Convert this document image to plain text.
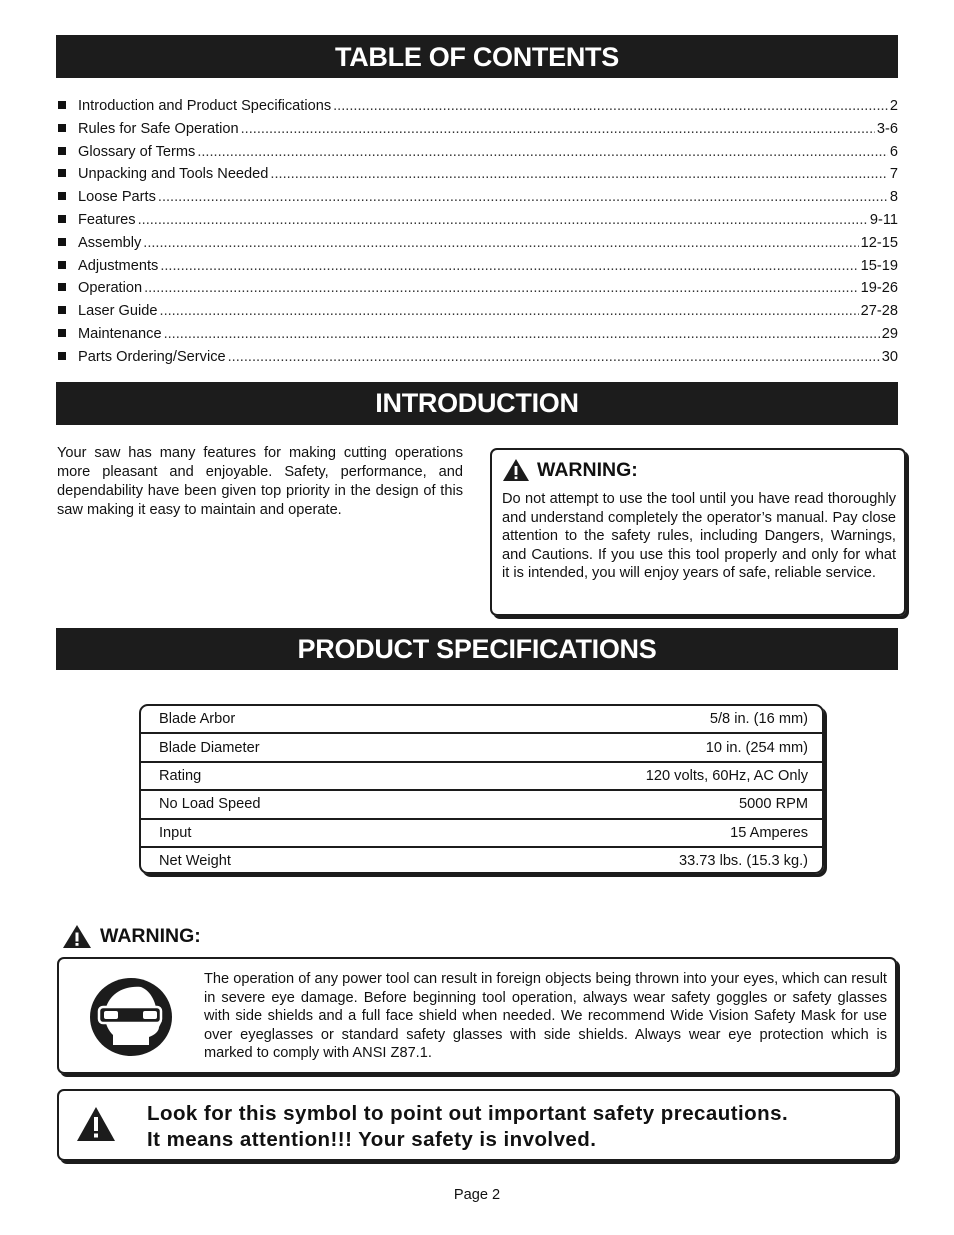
TABLE OF CONTENTS
Introduction and Product Specifications .....	2
Rules for Safe Operation .....	3-6
Glossary of Terms .....	6
Unpacking and Tools Needed .....	7
Loose Parts .....	8
Features .....	9-11
Assembly .....	12-15
Adjustments .....	15-19
Operation .....	19-26
Laser Guide .....	27-28
Maintenance .....	29
Parts Ordering/Service .....	30
INTRODUCTION
Your saw has many features for making cutting operations more pleasant and enjoyable. Safety, performance, and dependability have been given top priority in the design of this saw making it easy to maintain and operate.
WARNING:
Do not attempt to use the tool until you have read thoroughly and understand completely the operator’s manual. Pay close attention to the safety rules, including Dangers, Warnings, and Cautions. If you use this tool properly and only for what it is intended, you will enjoy years of safe, reliable service.
PRODUCT SPECIFICATIONS
Blade Arbor	5/8 in. (16 mm)
Blade Diameter	10 in. (254 mm)
Rating	120 volts, 60Hz, AC Only
No Load Speed	5000 RPM
Input	15 Amperes
Net Weight	33.73 lbs. (15.3 kg.)
WARNING:
The operation of any power tool can result in foreign objects being thrown into your eyes, which can result in severe eye damage. Before beginning tool operation, always wear safety goggles or safety glasses with side shields and a full face shield when needed. We recommend Wide Vision Safety Mask for use over eyeglasses or standard safety glasses with side shields. Always wear eye protection which is marked to comply with ANSI Z87.1.
Look for this symbol to point out important safety precautions.
It means attention!!! Your safety is involved.
Page 2
